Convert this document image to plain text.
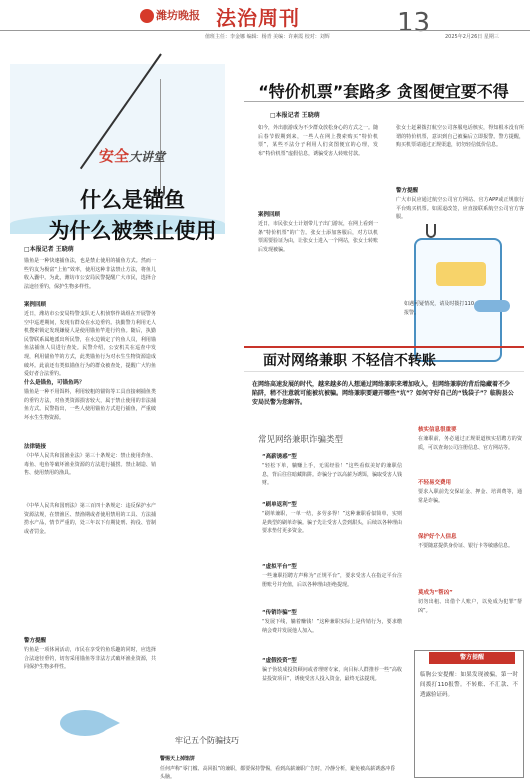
潍坊晚报 法治周刊	13
值班主任：李金娜 编辑：杨青 美编：许素霞 校对：刘辉	2025年2月26日 星期三
安全大讲堂
什么是锚鱼
为什么被禁止使用
□本报记者 王晓萌
锚鱼是一种快速捕鱼法，也是禁止使用的捕鱼方式。然而一些钓友为极富“上鱼”效率，使用这种非法禁止方法，将鱼儿收入囊中。为此，潍坊市公安局民警提醒广大市民，选择合法途径垂钓，保护生物多样性。
案例回顾
近日，潍坊市公安局特警支队无人机侦察作战组在开展警务空中巡逻期间，发现有群众在水边垂钓。执勤警力利用无人机搜索锁定发现嫌疑人是使用锚鱼竿进行钓鱼。随后，执勤民警联系属地派出所民警，在水边锁定了钓鱼人员，利用锚鱼法捕鱼人员进行查处。民警介绍，公安机关在巡查中发现，利用锚鱼竿的方式，此类锚鱼行为对水生生物资源造成破坏。此前还有类似锚鱼行为的群众被查处，提醒广大钓鱼爱好者合法垂钓。
什么是锚鱼，可锚鱼吗？
锚鱼是一种不用饵料，利用较粗的锚钩等工具直接刺捕鱼类的垂钓方法，对鱼类资源损害较大，属于禁止使用的非法捕鱼方式。民警指出，一些人使用锚鱼方式进行捕鱼，严重破坏水生生物资源。
法律链接
《中华人民共和国渔业法》第三十条规定：禁止使用炸鱼、毒鱼、电鱼等破坏渔业资源的方法进行捕捞。禁止制造、销售、使用禁用的渔具。
《中华人民共和国刑法》第三百四十条规定：违反保护水产资源法规，在禁渔区、禁渔期或者使用禁用的工具、方法捕捞水产品，情节严重的，处三年以下有期徒刑、拘役、管制或者罚金。
警方提醒
钓鱼是一项休闲活动，市民在享受钓鱼乐趣的同时，应选择合法途径垂钓，切勿采用锚鱼等非法方式破坏渔业资源，共同保护生物多样性。
“特价机票”套路多 贪图便宜要不得
□本报记者 王晓萌
如今，外出旅游成为不少群众放松身心的方式之一。随后春节假期到来，一些人在网上搜索购买“特价机票”，某些不法分子利用人们贪图便宜的心理，发布“特价机票”虚假信息，诱骗受害人转账付款。
案例回顾
近日，市民张女士计划带儿子出门游玩，在网上看到一条“特价机票”的广告。张女士添加客服后，对方以机票需要验证为由，让张女士进入一个网站，张女士转账后发现被骗。
张女士赶紧拨打航空公司客服电话核实，得知根本没有所谓的特价机票，意识到自己被骗后立即报警。警方提醒，购买机票请通过正规渠道，切勿轻信低价信息。
警方提醒
广大市民应通过航空公司官方网站、官方APP或正规旅行平台购买机票。如需退改签，应直接联系航空公司官方客服。
如遇可疑情况，请及时拨打110报警。
面对网络兼职 不轻信不转账
在网络高速发展的时代，越来越多的人想通过网络兼职来增加收入，但网络兼职的背后隐藏着不少陷阱，稍不注意就可能被坑被骗。网络兼职要避开哪些“坑”？如何守好自己的“钱袋子”？临朐县公安局民警为您解答。
常见网络兼职诈骗类型
“高薪诱惑”型
“轻松下单，躺赚上手，无需经验！”这些看似美好的兼职信息，背后往往暗藏陷阱。诈骗分子以高薪为诱饵，骗取受害人钱财。
“刷单返利”型
“刷单兼职，一单一结，多劳多得！”这种兼职看似简单，实则是典型的刷单诈骗。骗子先让受害人尝到甜头，后续以各种理由要求垫付更多资金。
“虚拟平台”型
一些兼职招聘方声称为“正规平台”，要求受害人在指定平台注册账号并充值，后以各种理由拒绝提现。
“传销诈骗”型
“发展下线，躺着赚钱！”这种兼职实际上是传销行为，要求缴纳会费并发展他人加入。
“虚假投资”型
骗子伪装成投资顾问或者理财专家，向目标人群推荐一些“高收益投资项目”，诱使受害人投入资金，最终无法提现。
核实信息很重要
在兼职前，务必通过正规渠道核实招聘方的资质，可以查询公司注册信息、官方网站等。
不轻易交费用
要求入职前先交保证金、押金、培训费等，通常是诈骗。
保护好个人信息
不要随意提供身份证、银行卡等敏感信息。
莫成为“帮凶”
切勿出租、出借个人账户，以免成为犯罪“帮凶”。
警方提醒
临朐公安提醒：如果发现被骗，第一时间拨打110报警。不转账、不汇款、不透露验证码。
牢记五个防骗技巧
警惕天上掉馅饼
任何声称“零门槛、高回报”的兼职，都要保持警惕，看到高薪兼职广告时，冷静分析，避免被高薪诱惑冲昏头脑。
